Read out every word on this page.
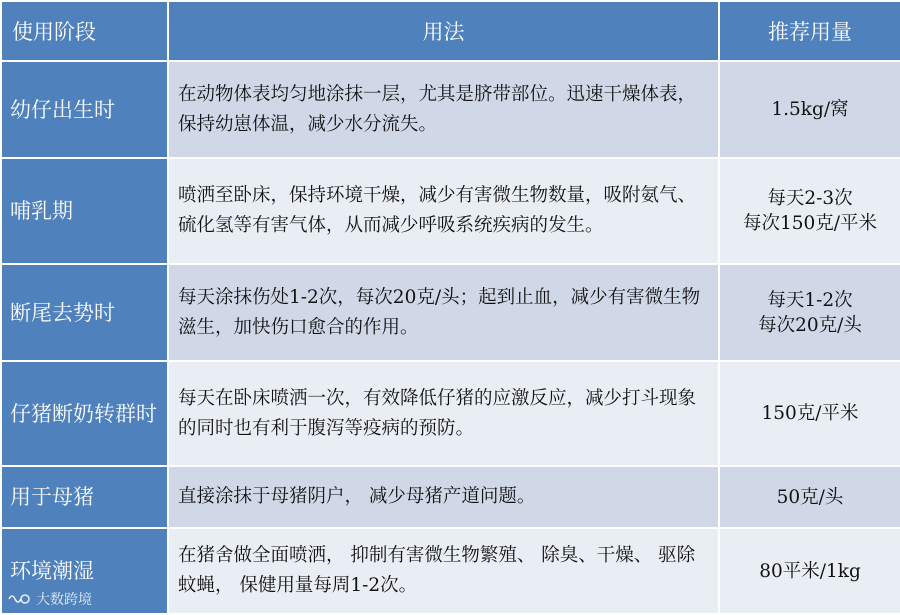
使用阶段	用法	推荐用量
幼仔出生时	在动物体表均匀地涂抹一层，尤其是脐带部位。迅速干燥体表， 保持幼崽体温，减少水分流失。	1.5kg/窝

哺乳期	喷洒至卧床，保持环境干燥，减少有害微生物数量，吸附氨气、 硫化氢等有害气体，从而减少呼吸系统疾病的发生。	每天2-3次
每次150克/平米

断尾去势时	每天涂抹伤处1-2次，每次20克/头；起到止血，减少有害微生物滋生，加快伤口愈合的作用。	每天1-2次
每次20克/头

仔猪断奶转群时	每天在卧床喷洒一次，有效降低仔猪的应激反应，减少打斗现象的同时也有利于腹泻等疫病的预防。	150克/平米

用于母猪	直接涂抹于母猪阴户， 减少母猪产道问题。	50克/头

环境潮湿	在猪舍做全面喷洒， 抑制有害微生物繁殖、 除臭、干燥、 驱除蚊蝇， 保健用量每周1-2次。	80平米/1kg
大数跨境
